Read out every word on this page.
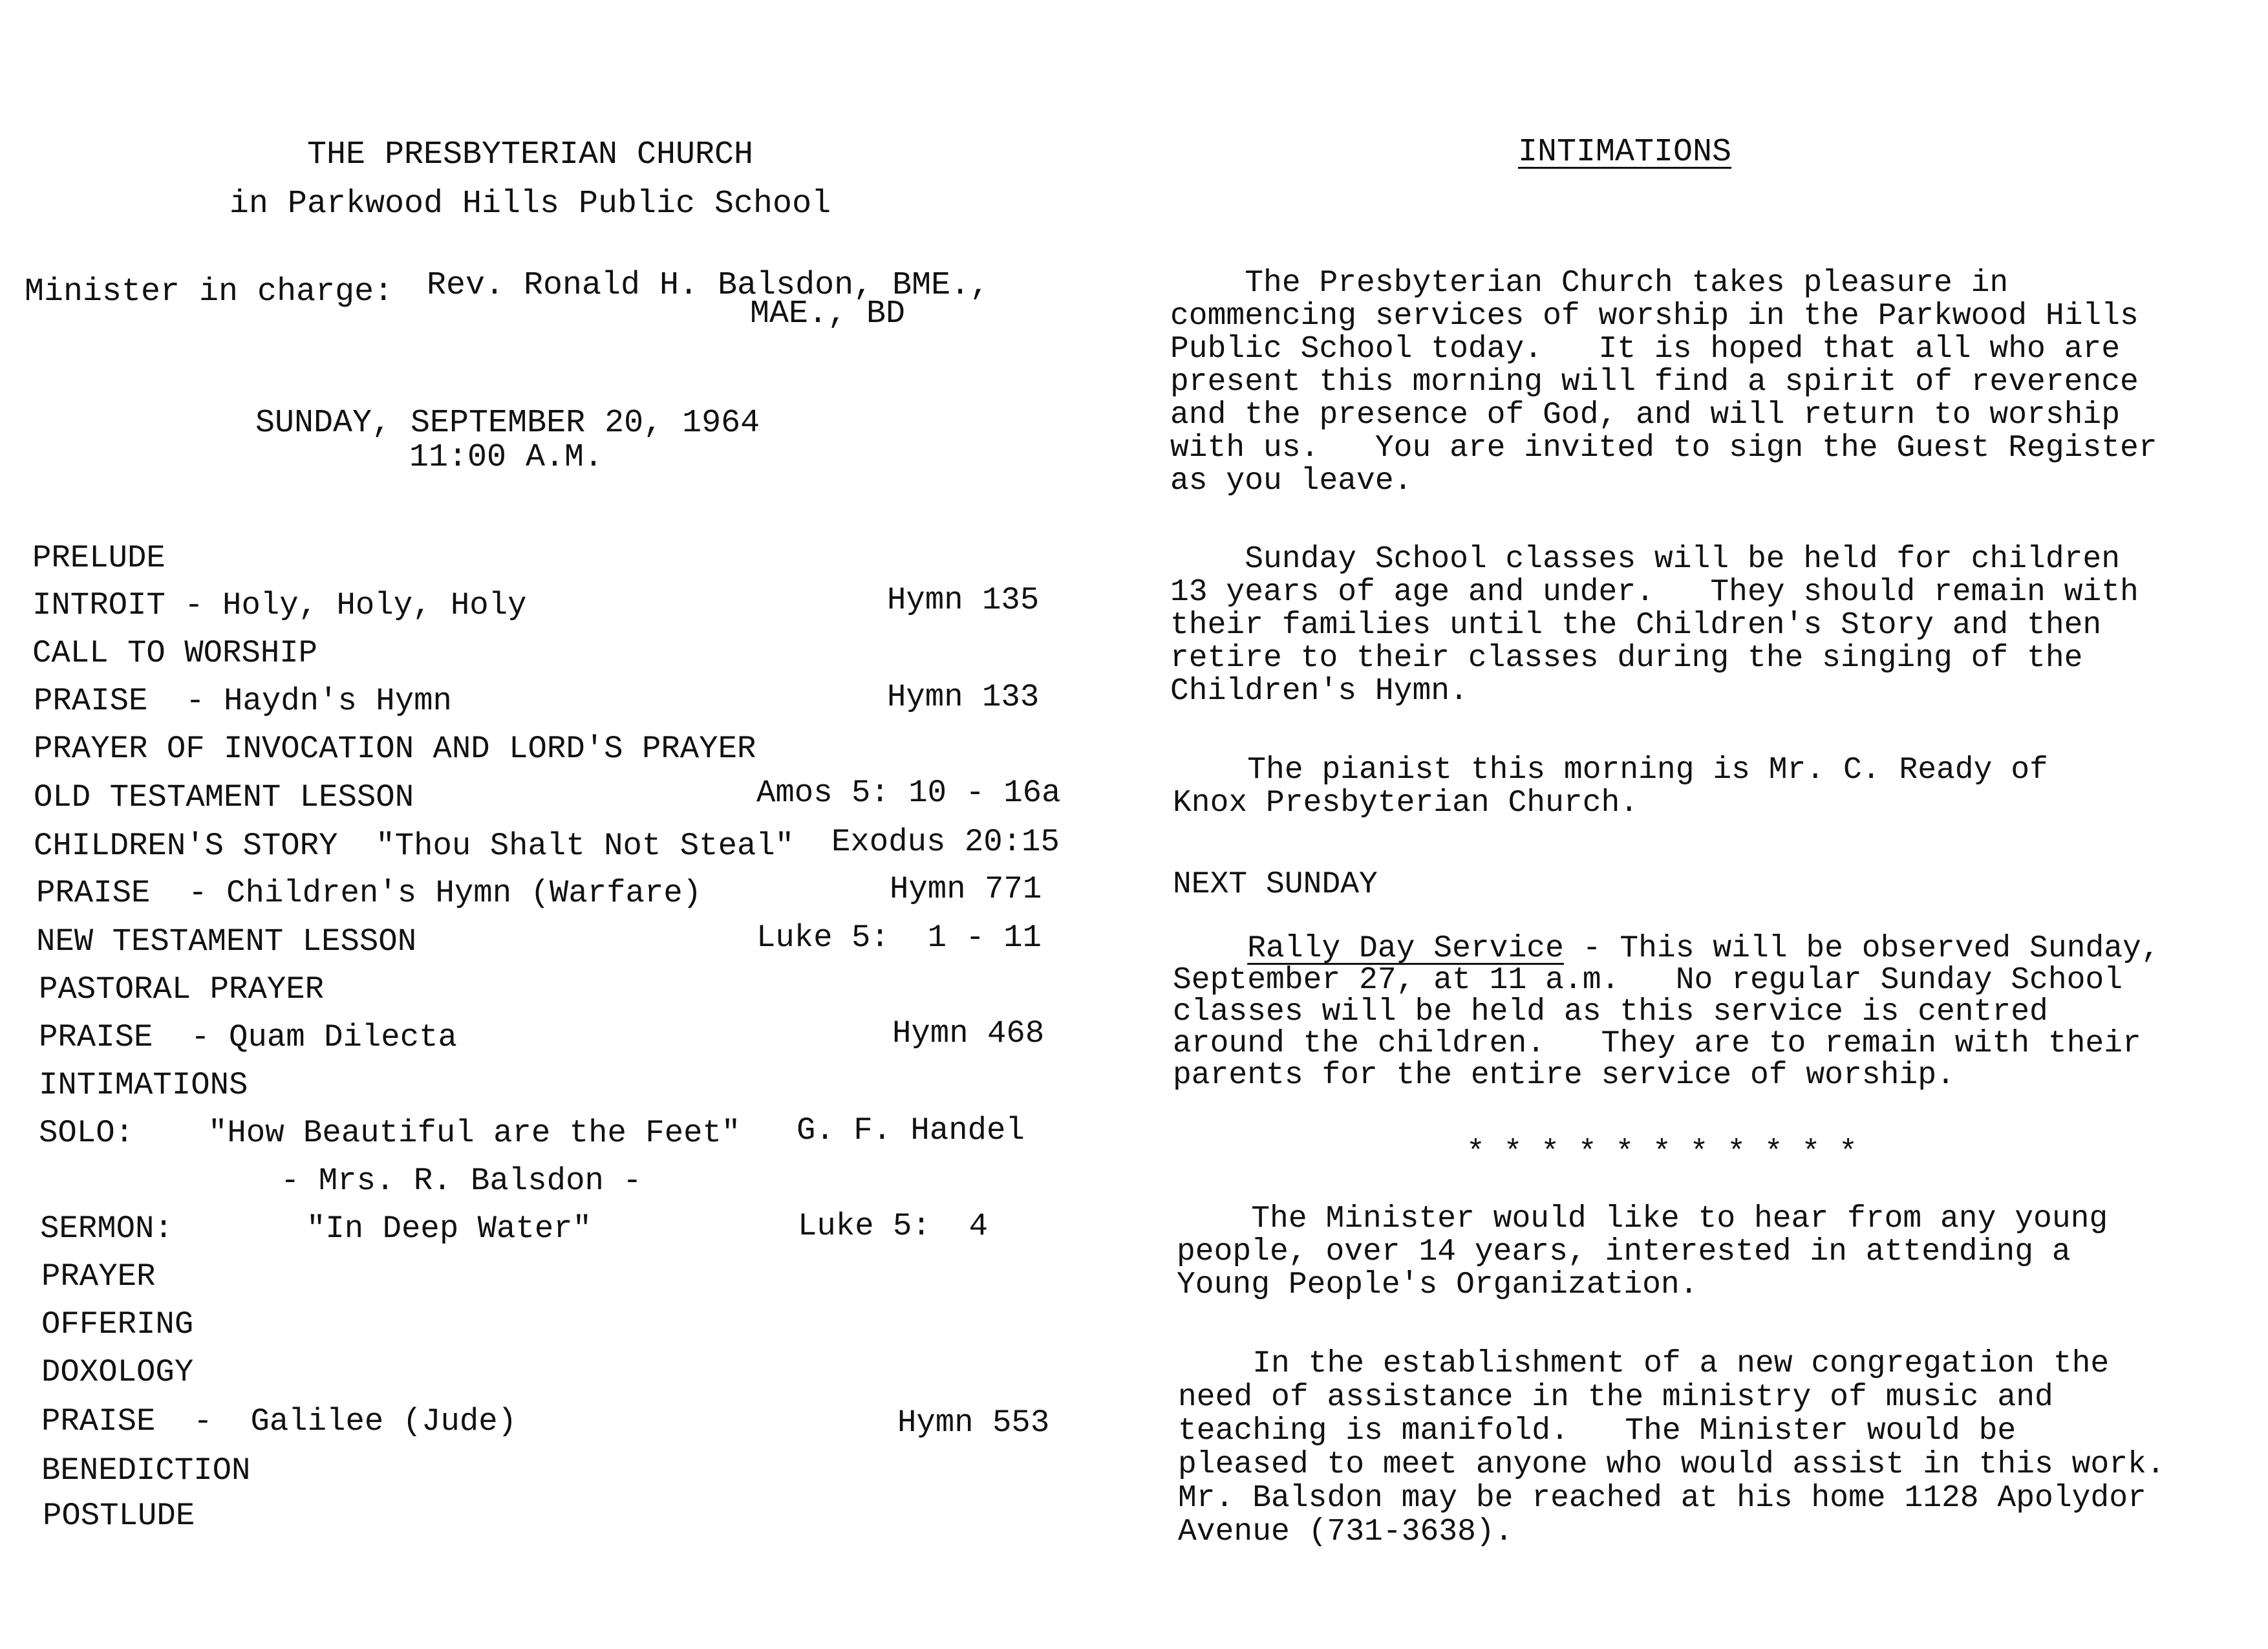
THE PRESBYTERIAN CHURCH
in Parkwood Hills Public School
Minister in charge: Rev. Ronald H. Balsdon, BME.,
MAE., BD
SUNDAY, SEPTEMBER 20, 1964
11:00 A.M.
PRELUDE
INTROIT - Holy, Holy, Holy	Hymn 135
CALL TO WORSHIP
PRAISE  - Haydn's Hymn	Hymn 133
PRAYER OF INVOCATION AND LORD'S PRAYER
OLD TESTAMENT LESSON	Amos 5: 10 - 16a
CHILDREN'S STORY  "Thou Shalt Not Steal" Exodus 20:15
PRAISE  - Children's Hymn (Warfare)	Hymn 771
NEW TESTAMENT LESSON	Luke 5:  1 - 11
PASTORAL PRAYER
PRAISE  - Quam Dilecta	Hymn 468
INTIMATIONS
SOLO: "How Beautiful are the Feet" G. F. Handel
- Mrs. R. Balsdon -
SERMON:	"In Deep Water"	Luke 5:  4
PRAYER
OFFERING
DOXOLOGY
PRAISE  -  Galilee (Jude)	Hymn 553
BENEDICTION
POSTLUDE
INTIMATIONS
The Presbyterian Church takes pleasure in
commencing services of worship in the Parkwood Hills
Public School today.   It is hoped that all who are
present this morning will find a spirit of reverence
and the presence of God, and will return to worship
with us.   You are invited to sign the Guest Register
as you leave.
Sunday School classes will be held for children
13 years of age and under.   They should remain with
their families until the Children's Story and then
retire to their classes during the singing of the
Children's Hymn.
The pianist this morning is Mr. C. Ready of
Knox Presbyterian Church.
NEXT SUNDAY
Rally Day Service - This will be observed Sunday,
September 27, at 11 a.m.   No regular Sunday School
classes will be held as this service is centred
around the children.   They are to remain with their
parents for the entire service of worship.
* * * * * * * * * * *
The Minister would like to hear from any young
people, over 14 years, interested in attending a
Young People's Organization.
In the establishment of a new congregation the
need of assistance in the ministry of music and
teaching is manifold.   The Minister would be
pleased to meet anyone who would assist in this work.
Mr. Balsdon may be reached at his home 1128 Apolydor
Avenue (731-3638).
